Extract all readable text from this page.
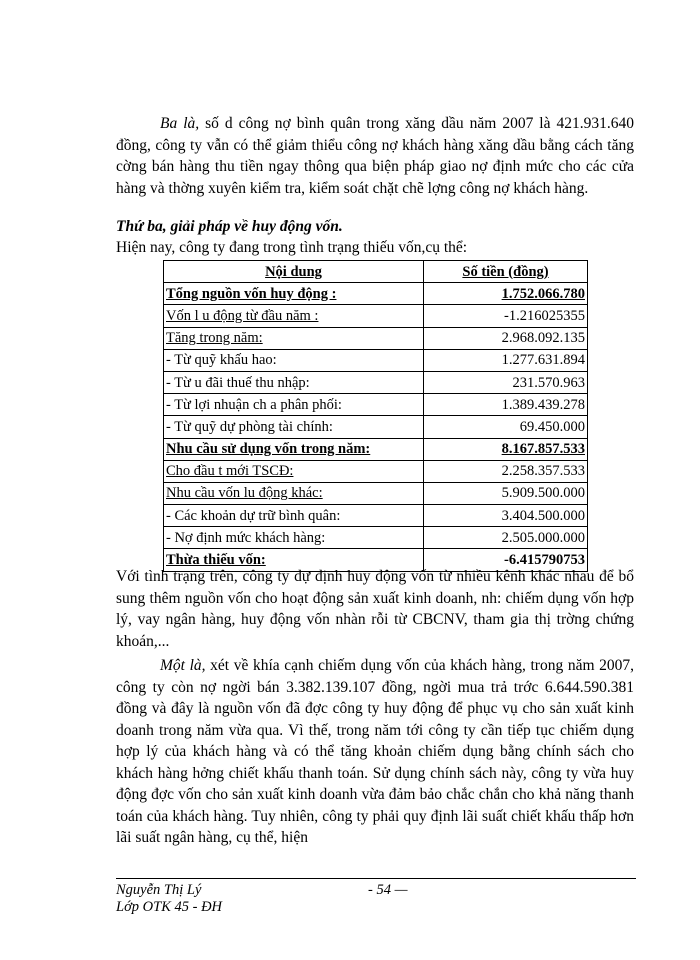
Ba là, số d công nợ bình quân trong xăng dầu năm 2007 là 421.931.640 đồng, công ty vẫn có thể giảm thiểu công nợ khách hàng xăng dầu bằng cách tăng cờng bán hàng thu tiền ngay thông qua biện pháp giao nợ định mức cho các cửa hàng và thờng xuyên kiểm tra, kiểm soát chặt chẽ lợng công nợ khách hàng.
Thứ ba, giải pháp về huy động vốn.
Hiện nay, công ty đang trong tình trạng thiếu vốn,cụ thể:
Nội dung	Số tiền (đồng)
Tổng nguồn vốn huy động :	1.752.066.780
Vốn l u động từ đầu năm :	-1.216025355
Tăng trong năm:	2.968.092.135
- Từ quỹ khấu hao:	1.277.631.894
- Từ u đãi thuế thu nhập:	231.570.963
- Từ lợi nhuận ch a phân phối:	1.389.439.278
- Từ quỹ dự phòng tài chính:	69.450.000
Nhu cầu sử dụng vốn trong năm:	8.167.857.533
Cho đầu t mới TSCĐ:	2.258.357.533
Nhu cầu vốn lu động khác:	5.909.500.000
- Các khoản dự trữ bình quân:	3.404.500.000
- Nợ định mức khách hàng:	2.505.000.000
Thừa thiếu vốn:	-6.415790753
Với tình trạng trên, công ty dự định huy động vốn từ nhiều kênh khác nhau để bổ sung thêm nguồn vốn cho hoạt động sản xuất kinh doanh, nh: chiếm dụng vốn hợp lý, vay ngân hàng, huy động vốn nhàn rỗi từ CBCNV, tham gia thị trờng chứng khoán,...
Một là, xét về khía cạnh chiếm dụng vốn của khách hàng, trong năm 2007, công ty còn nợ ngời bán 3.382.139.107 đồng, ngời mua trả trớc 6.644.590.381 đồng và đây là nguồn vốn đã đợc công ty huy động để phục vụ cho sản xuất kinh doanh trong năm vừa qua. Vì thế, trong năm tới công ty cần tiếp tục chiếm dụng hợp lý của khách hàng và có thể tăng khoản chiếm dụng bằng chính sách cho khách hàng hởng chiết khấu thanh toán. Sử dụng chính sách này, công ty vừa huy động đợc vốn cho sản xuất kinh doanh vừa đảm bảo chắc chắn cho khả năng thanh toán của khách hàng. Tuy nhiên, công ty phải quy định lãi suất chiết khấu thấp hơn lãi suất ngân hàng, cụ thể, hiện
Nguyễn Thị Lý
Lớp OTK 45 - ĐH
- 54 —
